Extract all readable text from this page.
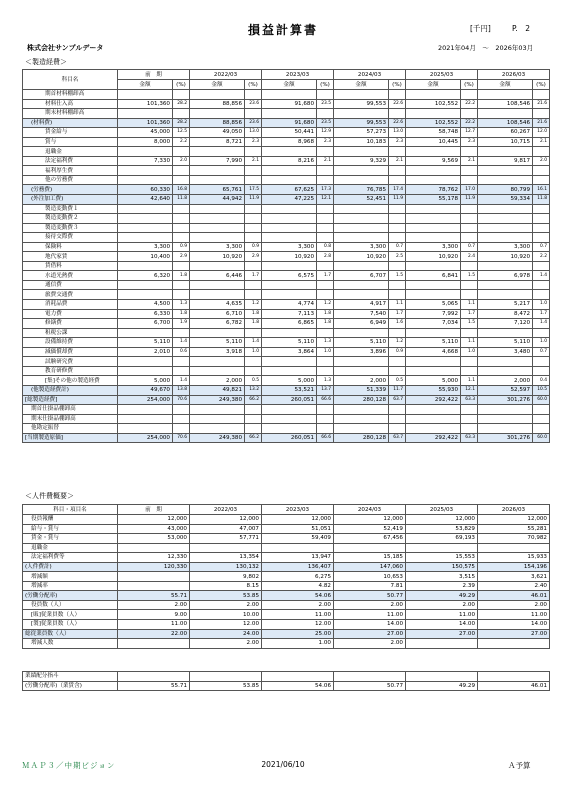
損益計算書	[千円]	P.　2
株式会社サンプルデータ	2021年04月　～　2026年03月
＜製造経費＞
＜人件費概要＞
科目名	前　期		2022/03		2023/03		2024/03		2025/03		2026/03	
	金額	(%)	金額	(%)	金額	(%)	金額	(%)	金額	(%)	金額	(%)
期首材料棚卸高												
材料仕入高	101,360	28.2	88,856	23.6	91,680	23.5	99,553	22.6	102,552	22.2	108,546	21.6
期末材料棚卸高												
(材料費)	101,360	28.2	88,856	23.6	91,680	23.5	99,553	22.6	102,552	22.2	108,546	21.6
賃金給与	45,000	12.5	49,050	13.0	50,441	12.9	57,273	13.0	58,748	12.7	60,267	12.0
賞与	8,000	2.2	8,721	2.3	8,968	2.3	10,183	2.3	10,445	2.3	10,715	2.1
退職金												
法定福利費	7,330	2.0	7,990	2.1	8,216	2.1	9,329	2.1	9,569	2.1	9,817	2.0
福利厚生費												
他の労務費												
(労務費)	60,330	16.8	65,761	17.5	67,625	17.3	76,785	17.4	78,762	17.0	80,799	16.1
(外注加工費)	42,640	11.8	44,942	11.9	47,225	12.1	52,451	11.9	55,178	11.9	59,334	11.8
製造変動費１												
製造変動費２												
製造変動費３												
接待交際費												
保険料	3,300	0.9	3,300	0.9	3,300	0.8	3,300	0.7	3,300	0.7	3,300	0.7
地代家賃	10,400	2.9	10,920	2.9	10,920	2.8	10,920	2.5	10,920	2.4	10,920	2.2
賃借料												
水道光熱費	6,320	1.8	6,446	1.7	6,575	1.7	6,707	1.5	6,841	1.5	6,978	1.4
通信費												
旅費交通費												
消耗品費	4,500	1.3	4,635	1.2	4,774	1.2	4,917	1.1	5,065	1.1	5,217	1.0
電力費	6,330	1.8	6,710	1.8	7,113	1.8	7,540	1.7	7,992	1.7	8,472	1.7
修繕費	6,700	1.9	6,782	1.8	6,865	1.8	6,949	1.6	7,034	1.5	7,120	1.4
租税公課												
設備維持費	5,110	1.4	5,110	1.4	5,110	1.3	5,110	1.2	5,110	1.1	5,110	1.0
減価償却費	2,010	0.6	3,918	1.0	3,864	1.0	3,896	0.9	4,668	1.0	3,480	0.7
試験研究費												
教育研修費												
[集]その他の製造経費	5,000	1.4	2,000	0.5	5,000	1.3	2,000	0.5	5,000	1.1	2,000	0.4
(他製造経費計)	49,670	13.8	49,821	13.2	53,521	13.7	51,339	11.7	55,930	12.1	52,597	10.5
[総製造経費]	254,000	70.6	249,380	66.2	260,051	66.6	280,128	63.7	292,422	63.3	301,276	60.0
期首仕掛品棚卸高												
期末仕掛品棚卸高												
他勘定振替												
[当期製造原価]	254,000	70.6	249,380	66.2	260,051	66.6	280,128	63.7	292,422	63.3	301,276	60.0
科目・項目名	前　期	2022/03	2023/03	2024/03	2025/03	2026/03
役員報酬	12,000	12,000	12,000	12,000	12,000	12,000
給与・賞与	43,000	47,007	51,051	52,419	53,829	55,281
賃金・賞与	53,000	57,771	59,409	67,456	69,193	70,982
退職金						
法定福利費等	12,330	13,354	13,947	15,185	15,553	15,933
(人件費計)	120,330	130,132	136,407	147,060	150,575	154,196
増減額		9,802	6,275	10,653	3,515	3,621
増減率		8.15	4.82	7.81	2.39	2.40
(労働分配率)	55.71	53.85	54.06	50.77	49.29	46.01
役員数（人）	2.00	2.00	2.00	2.00	2.00	2.00
[販]従業員数（人）	9.00	10.00	11.00	11.00	11.00	11.00
[製]従業員数（人）	11.00	12.00	12.00	14.00	14.00	14.00
総従業員数（人）	22.00	24.00	25.00	27.00	27.00	27.00
増減人数		2.00	1.00	2.00		
業績配分指斗						
(労働分配率)（業賃含)	55.71	53.85	54.06	50.77	49.29	46.01
ＭＡＰ３／中期ビジョン	2021/06/10	Ａ予算
